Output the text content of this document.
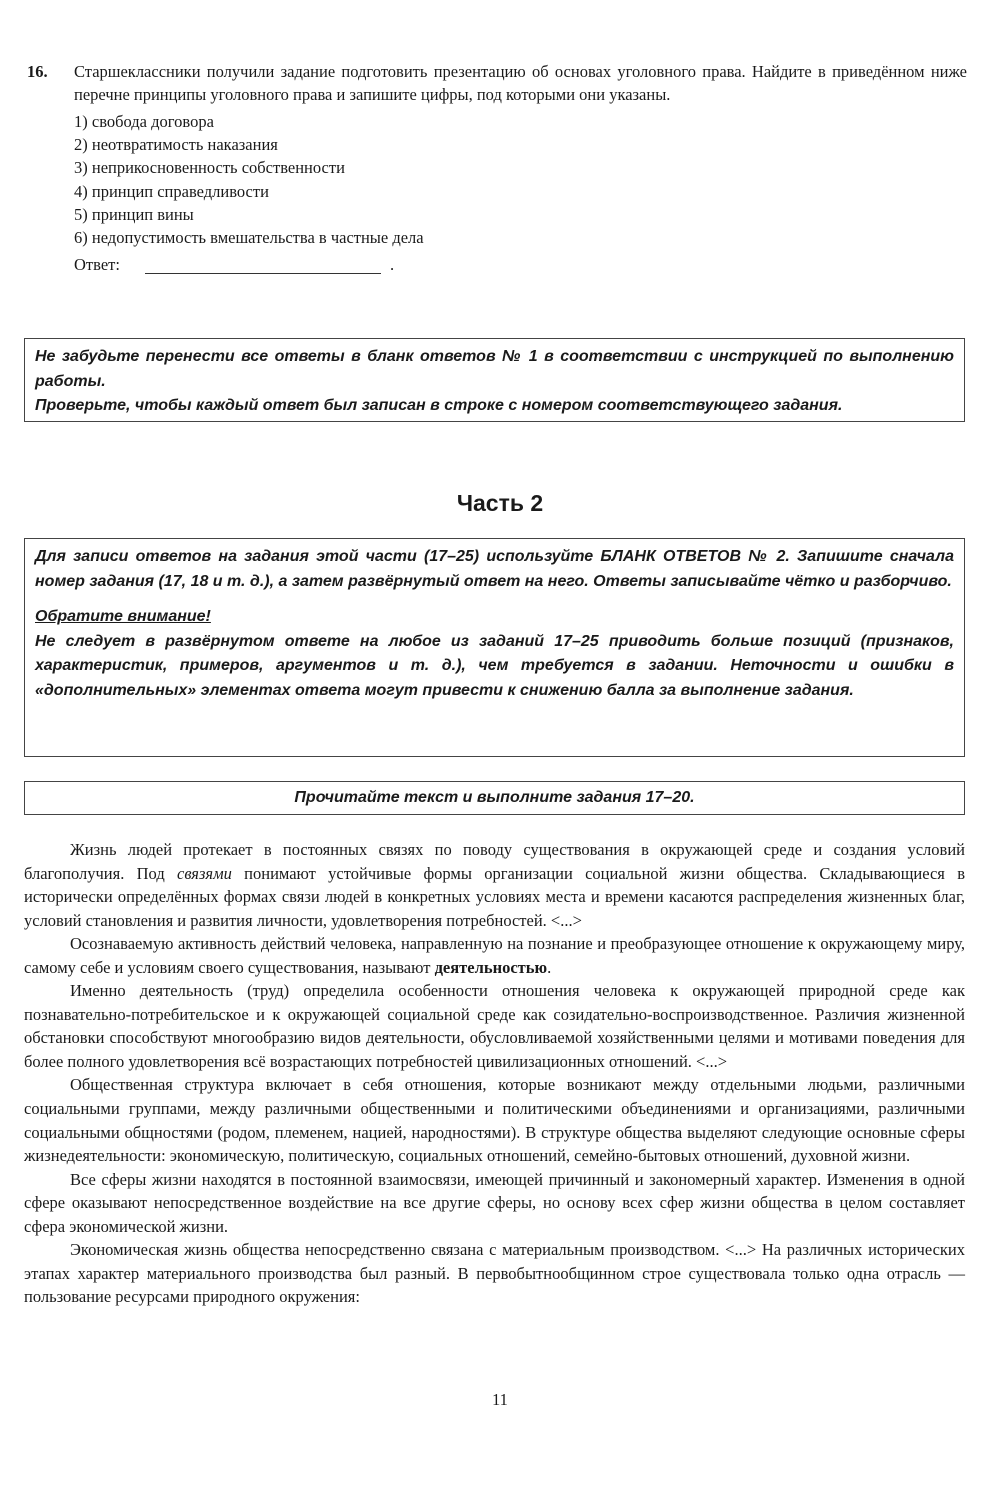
16. Старшеклассники получили задание подготовить презентацию об основах уголовного права. Найдите в приведённом ниже перечне принципы уголовного права и запишите цифры, под которыми они указаны.
1) свобода договора
2) неотвратимость наказания
3) неприкосновенность собственности
4) принцип справедливости
5) принцип вины
6) недопустимость вмешательства в частные дела
Ответ:	.
Не забудьте перенести все ответы в бланк ответов № 1 в соответствии с инструкцией по выполнению работы.
Проверьте, чтобы каждый ответ был записан в строке с номером соответствующего задания.
Часть 2

Для записи ответов на задания этой части (17–25) используйте БЛАНК ОТВЕТОВ № 2. Запишите сначала номер задания (17, 18 и т. д.), а затем развёрнутый ответ на него. Ответы записывайте чётко и разборчиво.

Обратите внимание!

Не следует в развёрнутом ответе на любое из заданий 17–25 приводить больше позиций (признаков, характеристик, примеров, аргументов и т. д.), чем требуется в задании. Неточности и ошибки в «дополнительных» элементах ответа могут привести к снижению балла за выполнение задания.

Прочитайте текст и выполните задания 17–20.

Жизнь людей протекает в постоянных связях по поводу существования в окружающей среде и создания условий благополучия. Под связями понимают устойчивые формы организации социальной жизни общества. Складывающиеся в исторически определённых формах связи людей в конкретных условиях места и времени касаются распределения жизненных благ, условий становления и развития личности, удовлетворения потребностей. <...>

Осознаваемую активность действий человека, направленную на познание и преобразующее отношение к окружающему миру, самому себе и условиям своего существования, называют деятельностью.

Именно деятельность (труд) определила особенности отношения человека к окружающей природной среде как познавательно-потребительское и к окружающей социальной среде как созидательно-воспроизводственное. Различия жизненной обстановки способствуют многообразию видов деятельности, обусловливаемой хозяйственными целями и мотивами поведения для более полного удовлетворения всё возрастающих потребностей цивилизационных отношений. <...>

Общественная структура включает в себя отношения, которые возникают между отдельными людьми, различными социальными группами, между различными общественными и политическими объединениями и организациями, различными социальными общностями (родом, племенем, нацией, народностями). В структуре общества выделяют следующие основные сферы жизнедеятельности: экономическую, политическую, социальных отношений, семейно-бытовых отношений, духовной жизни.

Все сферы жизни находятся в постоянной взаимосвязи, имеющей причинный и закономерный характер. Изменения в одной сфере оказывают непосредственное воздействие на все другие сферы, но основу всех сфер жизни общества в целом составляет сфера экономической жизни.

Экономическая жизнь общества непосредственно связана с материальным производством. <...> На различных исторических этапах характер материального производства был разный. В первобытнообщинном строе существовала только одна отрасль — пользование ресурсами природного окружения:

11
